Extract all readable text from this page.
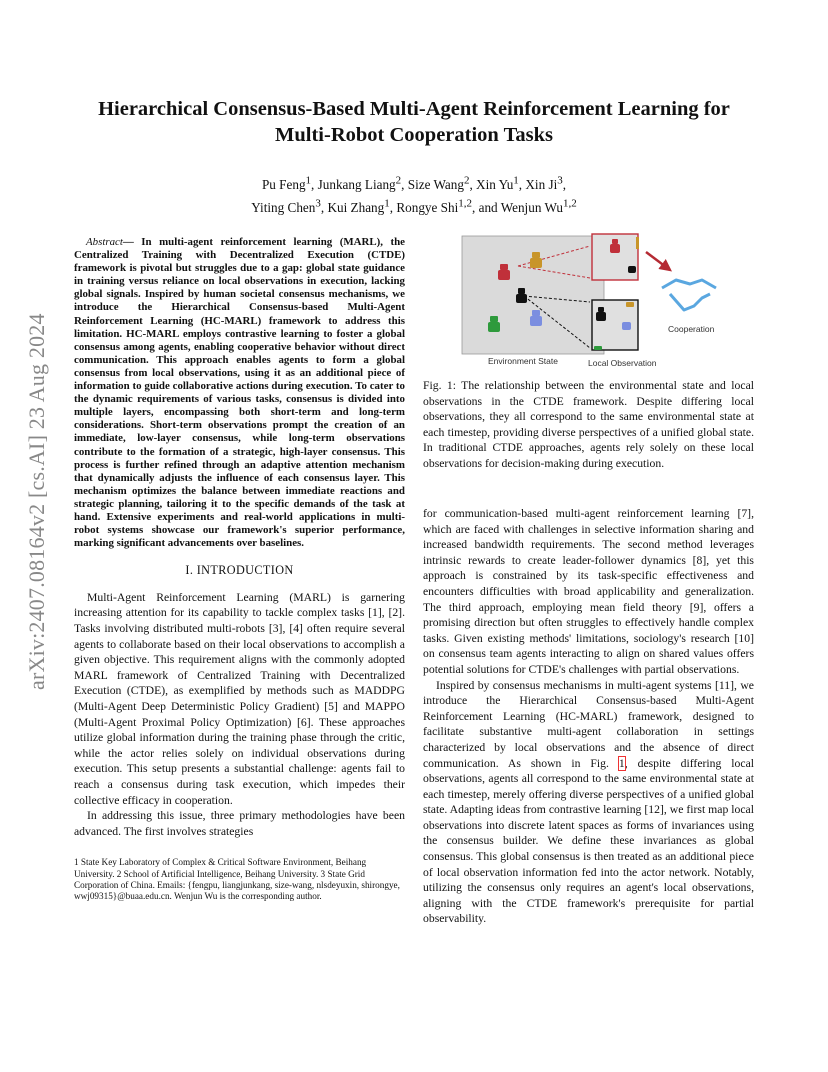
arXiv:2407.08164v2 [cs.AI] 23 Aug 2024
Hierarchical Consensus-Based Multi-Agent Reinforcement Learning for
Multi-Robot Cooperation Tasks
Pu Feng$^1$, Junkang Liang$^2$, Size Wang$^2$, Xin Yu$^1$, Xin Ji$^3$,
Yiting Chen$^3$, Kui Zhang$^1$, Rongye Shi$^{1,2}$, and Wenjun Wu$^{1,2}$

Abstract— In multi-agent reinforcement learning (MARL), the Centralized Training with Decentralized Execution (CTDE) framework is pivotal but struggles due to a gap: global state guidance in training versus reliance on local observations in execution, lacking global signals. Inspired by human societal consensus mechanisms, we introduce the Hierarchical Consensus-based Multi-Agent Reinforcement Learning (HC-MARL) framework to address this limitation. HC-MARL employs contrastive learning to foster a global consensus among agents, enabling cooperative behavior without direct communication. This approach enables agents to form a global consensus from local observations, using it as an additional piece of information to guide collaborative actions during execution. To cater to the dynamic requirements of various tasks, consensus is divided into multiple layers, encompassing both short-term and long-term considerations. Short-term observations prompt the creation of an immediate, low-layer consensus, while long-term observations contribute to the formation of a strategic, high-layer consensus. This process is further refined through an adaptive attention mechanism that dynamically adjusts the influence of each consensus layer. This mechanism optimizes the balance between immediate reactions and strategic planning, tailoring it to the specific demands of the task at hand. Extensive experiments and real-world applications in multi-robot systems showcase our framework's superior performance, marking significant advancements over baselines.

I. INTRODUCTION

Multi-Agent Reinforcement Learning (MARL) is garnering increasing attention for its capability to tackle complex tasks [1], [2]. Tasks involving distributed multi-robots [3], [4] often require several agents to collaborate based on their local observations to accomplish a given objective. This requirement aligns with the commonly adopted MARL framework of Centralized Training with Decentralized Execution (CTDE), as exemplified by methods such as MADDPG (Multi-Agent Deep Deterministic Policy Gradient) [5] and MAPPO (Multi-Agent Proximal Policy Optimization) [6]. These approaches utilize global information during the training phase through the critic, while the actor relies solely on individual observations during execution. This setup presents a substantial challenge: agents fail to reach a consensus during task execution, which impedes their collective efficacy in cooperation.

In addressing this issue, three primary methodologies have been advanced. The first involves strategies

1 State Key Laboratory of Complex & Critical Software Environment, Beihang University. 2 School of Artificial Intelligence, Beihang University. 3 State Grid Corporation of China. Emails: {fengpu, liangjunkang, size-wang, nlsdeyuxin, shirongye, wwj09315}@buaa.edu.cn. Wenjun Wu is the corresponding author.

Environment State	Local Observation
Cooperation

Fig. 1: The relationship between the environmental state and local observations in the CTDE framework. Despite differing local observations, they all correspond to the same environmental state at each timestep, providing diverse perspectives of a unified global state. In traditional CTDE approaches, agents rely solely on these local observations for decision-making during execution.

for communication-based multi-agent reinforcement learning [7], which are faced with challenges in selective information sharing and increased bandwidth requirements. The second method leverages intrinsic rewards to create leader-follower dynamics [8], yet this approach is constrained by its task-specific effectiveness and encounters difficulties with broad applicability and generalization. The third approach, employing mean field theory [9], offers a promising direction but often struggles to effectively handle complex tasks. Given existing methods' limitations, sociology's research [10] on consensus team agents interacting to align on shared values offers potential solutions for CTDE's challenges with partial observations.

Inspired by consensus mechanisms in multi-agent systems [11], we introduce the Hierarchical Consensus-based Multi-Agent Reinforcement Learning (HC-MARL) framework, designed to facilitate substantive multi-agent collaboration in settings characterized by local observations and the absence of direct communication. As shown in Fig. 1, despite differing local observations, agents all correspond to the same environmental state at each timestep, merely offering diverse perspectives of a unified global state. Adapting ideas from contrastive learning [12], we first map local observations into discrete latent spaces as forms of invariances using the consensus builder. We define these invariances as global consensus. This global consensus is then treated as an additional piece of local observation information fed into the actor network. Notably, utilizing the consensus only requires an agent's local observations, aligning with the CTDE framework's prerequisite for partial observability.
